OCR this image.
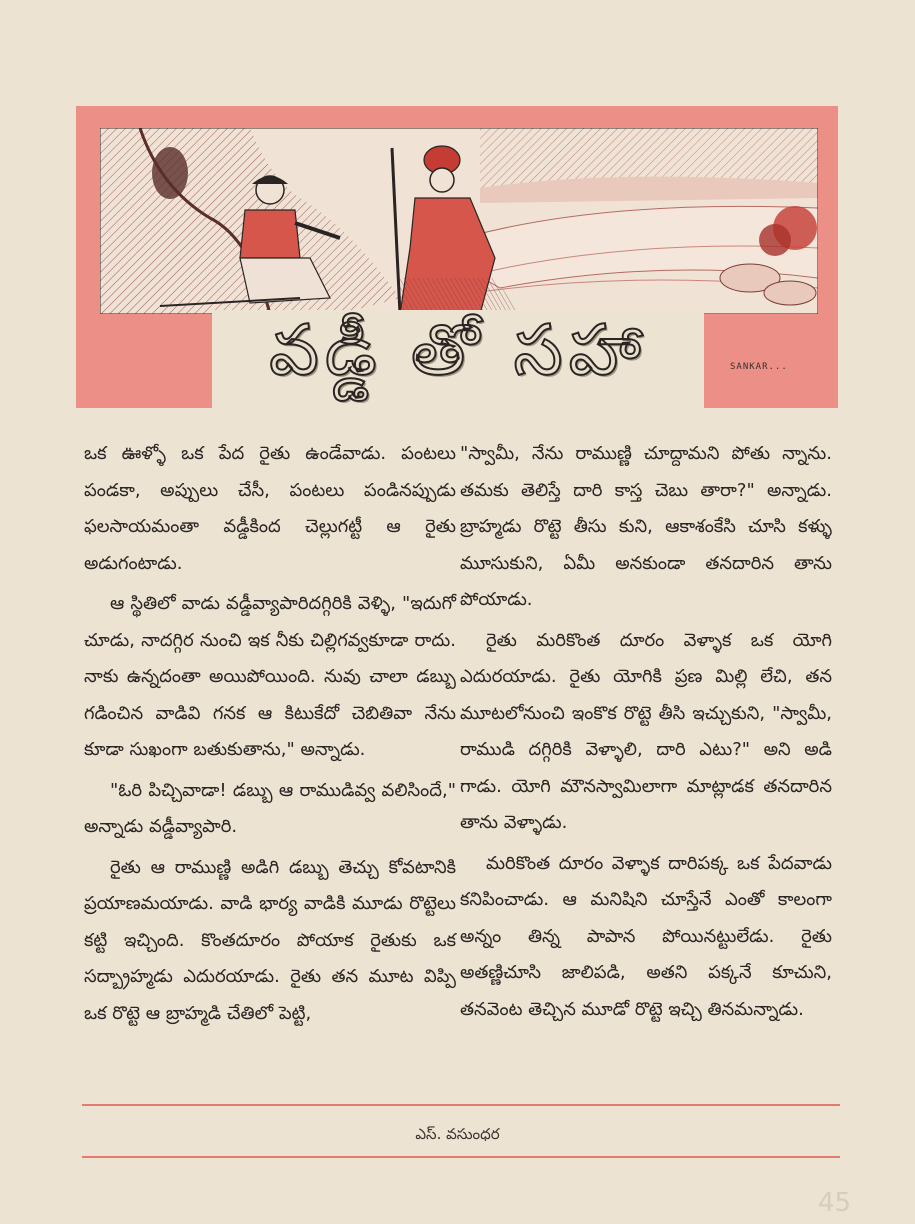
వడ్డీ తో సహా	SANKAR...

ఒక ఊళ్ళో ఒక పేద రైతు ఉండేవాడు. పంటలు పండకా, అప్పులు చేసీ, పంటలు పండినప్పుడు ఫలసాయమంతా వడ్డీకింద చెల్లుగట్టీ ఆ రైతు అడుగంటాడు.

ఆ స్థితిలో వాడు వడ్డీవ్యాపారిదగ్గిరికి వెళ్ళి, "ఇదుగో చూడు, నాదగ్గిర నుంచి ఇక నీకు చిల్లిగవ్వకూడా రాదు. నాకు ఉన్నదంతా అయిపోయింది. నువు చాలా డబ్బు గడించిన వాడివి గనక ఆ కిటుకేదో చెబితివా నేను కూడా సుఖంగా బతుకుతాను," అన్నాడు.

"ఓరి పిచ్చివాడా! డబ్బు ఆ రాముడివ్వ వలిసిందే," అన్నాడు వడ్డీవ్యాపారి.

రైతు ఆ రాముణ్ణి అడిగి డబ్బు తెచ్చు కోవటానికి ప్రయాణమయాడు. వాడి భార్య వాడికి మూడు రొట్టెలు కట్టి ఇచ్చింది. కొంతదూరం పోయాక రైతుకు ఒక సద్బ్రాహ్మడు ఎదురయాడు. రైతు తన మూట విప్పి ఒక రొట్టె ఆ బ్రాహ్మడి చేతిలో పెట్టి,

"స్వామీ, నేను రాముణ్ణి చూద్దామని పోతు న్నాను. తమకు తెలిస్తే దారి కాస్త చెబు తారా?" అన్నాడు. బ్రాహ్మడు రొట్టె తీసు కుని, ఆకాశంకేసి చూసి కళ్ళు మూసుకుని, ఏమీ అనకుండా తనదారిన తాను పోయాడు.

రైతు మరికొంత దూరం వెళ్ళాక ఒక యోగి ఎదురయాడు. రైతు యోగికి ప్రణ మిల్లి లేచి, తన మూటలోనుంచి ఇంకొక రొట్టె తీసి ఇచ్చుకుని, "స్వామీ, రాముడి దగ్గిరికి వెళ్ళాలి, దారి ఎటు?" అని అడి గాడు. యోగి మౌనస్వామిలాగా మాట్లాడక తనదారిన తాను వెళ్ళాడు.

మరికొంత దూరం వెళ్ళాక దారిపక్క ఒక పేదవాడు కనిపించాడు. ఆ మనిషిని చూస్తేనే ఎంతో కాలంగా అన్నం తిన్న పాపాన పోయినట్టులేడు. రైతు అతణ్ణిచూసి జాలిపడి, అతని పక్కనే కూచుని, తనవెంట తెచ్చిన మూడో రొట్టె ఇచ్చి తినమన్నాడు.

ఎస్. వసుంధర
45
